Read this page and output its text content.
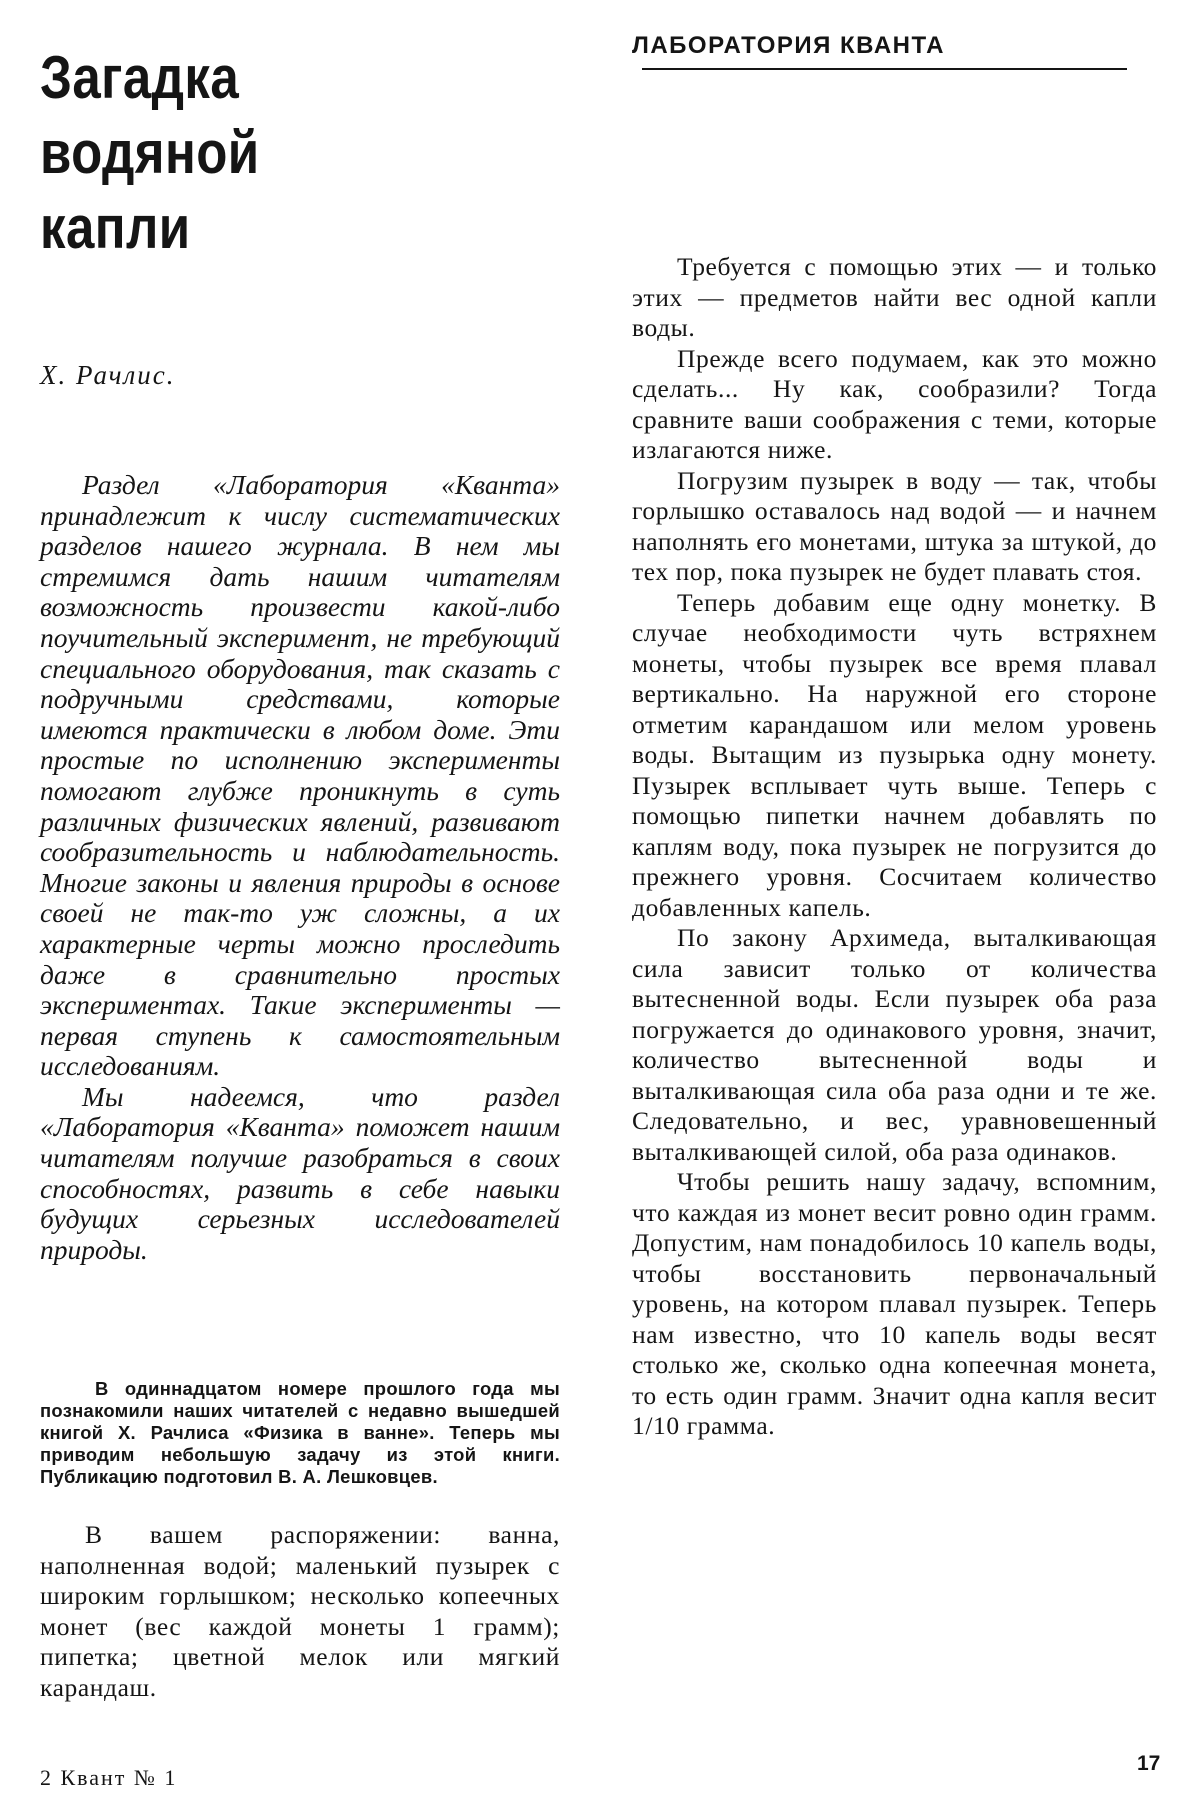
Загадка
водяной
капли
Х. Рачлис.

Раздел «Лаборатория «Кванта» принадлежит к числу систематических разделов нашего журнала. В нем мы стремимся дать нашим читателям возможность произвести какой-либо поучительный эксперимент, не требующий специального оборудования, так сказать с подручными средствами, которые имеются практически в любом доме. Эти простые по исполнению эксперименты помогают глубже проникнуть в суть различных физических явлений, развивают сообразительность и наблюдательность. Многие законы и явления природы в основе своей не так-то уж сложны, а их характерные черты можно проследить даже в сравнительно простых экспериментах. Такие эксперименты — первая ступень к самостоятельным исследованиям.

Мы надеемся, что раздел «Лаборатория «Кванта» поможет нашим читателям получше разобраться в своих способностях, развить в себе навыки будущих серьезных исследователей природы.

В одиннадцатом номере прошлого года мы познакомили наших читателей с недавно вышедшей книгой Х. Рачлиса «Физика в ванне». Теперь мы приводим небольшую задачу из этой книги. Публикацию подготовил В. А. Лешковцев.

В вашем распоряжении: ванна, наполненная водой; маленький пузырек с широким горлышком; несколько копеечных монет (вес каждой монеты 1 грамм); пипетка; цветной мелок или мягкий карандаш.

ЛАБОРАТОРИЯ КВАНТА

Требуется с помощью этих — и только этих — предметов найти вес одной капли воды.

Прежде всего подумаем, как это можно сделать... Ну как, сообразили? Тогда сравните ваши соображения с теми, которые излагаются ниже.

Погрузим пузырек в воду — так, чтобы горлышко оставалось над водой — и начнем наполнять его монетами, штука за штукой, до тех пор, пока пузырек не будет плавать стоя.

Теперь добавим еще одну монетку. В случае необходимости чуть встряхнем монеты, чтобы пузырек все время плавал вертикально. На наружной его стороне отметим карандашом или мелом уровень воды. Вытащим из пузырька одну монету. Пузырек всплывает чуть выше. Теперь с помощью пипетки начнем добавлять по каплям воду, пока пузырек не погрузится до прежнего уровня. Сосчитаем количество добавленных капель.

По закону Архимеда, выталкивающая сила зависит только от количества вытесненной воды. Если пузырек оба раза погружается до одинакового уровня, значит, количество вытесненной воды и выталкивающая сила оба раза одни и те же. Следовательно, и вес, уравновешенный выталкивающей силой, оба раза одинаков.

Чтобы решить нашу задачу, вспомним, что каждая из монет весит ровно один грамм. Допустим, нам понадобилось 10 капель воды, чтобы восстановить первоначальный уровень, на котором плавал пузырек. Теперь нам известно, что 10 капель воды весят столько же, сколько одна копеечная монета, то есть один грамм. Значит одна капля весит 1/10 грамма.

2 Квант № 1
17
